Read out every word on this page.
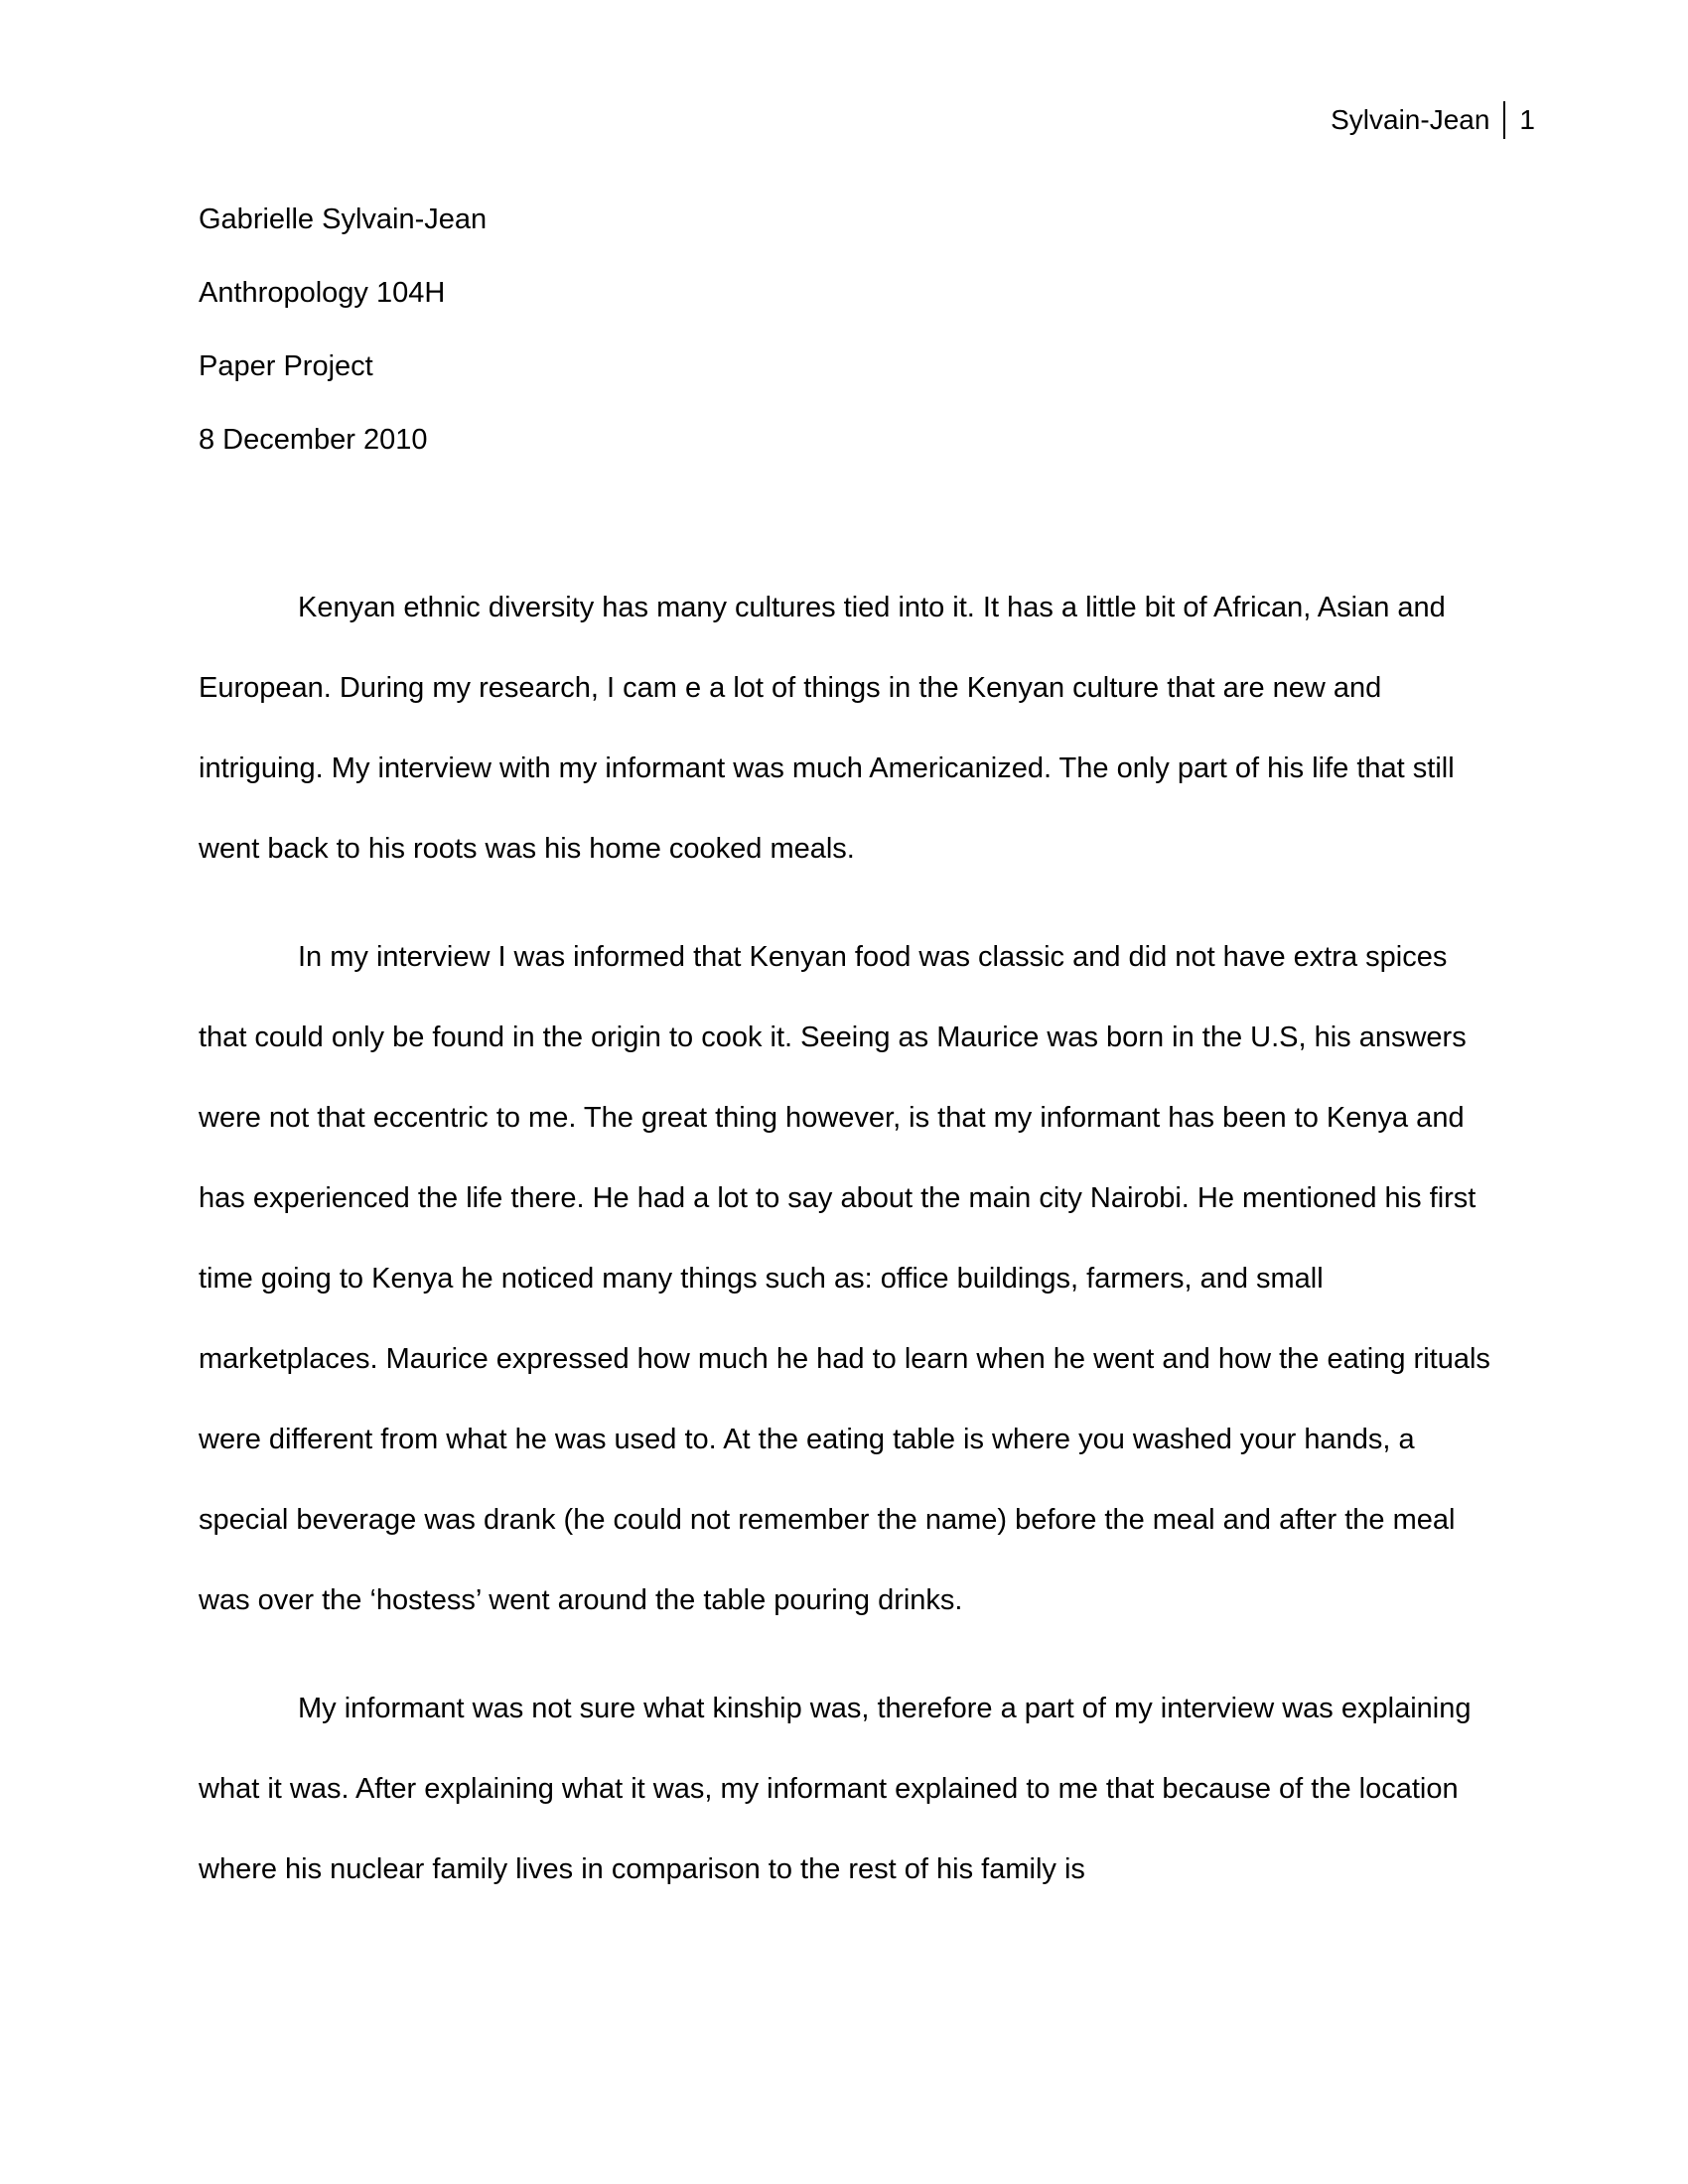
Sylvain-Jean	1
Gabrielle Sylvain-Jean
Anthropology 104H
Paper Project
8 December 2010

Kenyan ethnic diversity has many cultures tied into it. It has a little bit of African, Asian and European. During my research, I cam e a lot of things in the Kenyan culture that are new and intriguing. My interview with my informant was much Americanized. The only part of his life that still went back to his roots was his home cooked meals.

In my interview I was informed that Kenyan food was classic and did not have extra spices that could only be found in the origin to cook it. Seeing as Maurice was born in the U.S, his answers were not that eccentric to me. The great thing however, is that my informant has been to Kenya and has experienced the life there. He had a lot to say about the main city Nairobi. He mentioned his first time going to Kenya he noticed many things such as: office buildings, farmers, and small marketplaces. Maurice expressed how much he had to learn when he went and how the eating rituals were different from what he was used to. At the eating table is where you washed your hands, a special beverage was drank (he could not remember the name) before the meal and after the meal was over the ‘hostess’ went around the table pouring drinks.

My informant was not sure what kinship was, therefore a part of my interview was explaining what it was. After explaining what it was, my informant explained to me that because of the location where his nuclear family lives in comparison to the rest of his family is
